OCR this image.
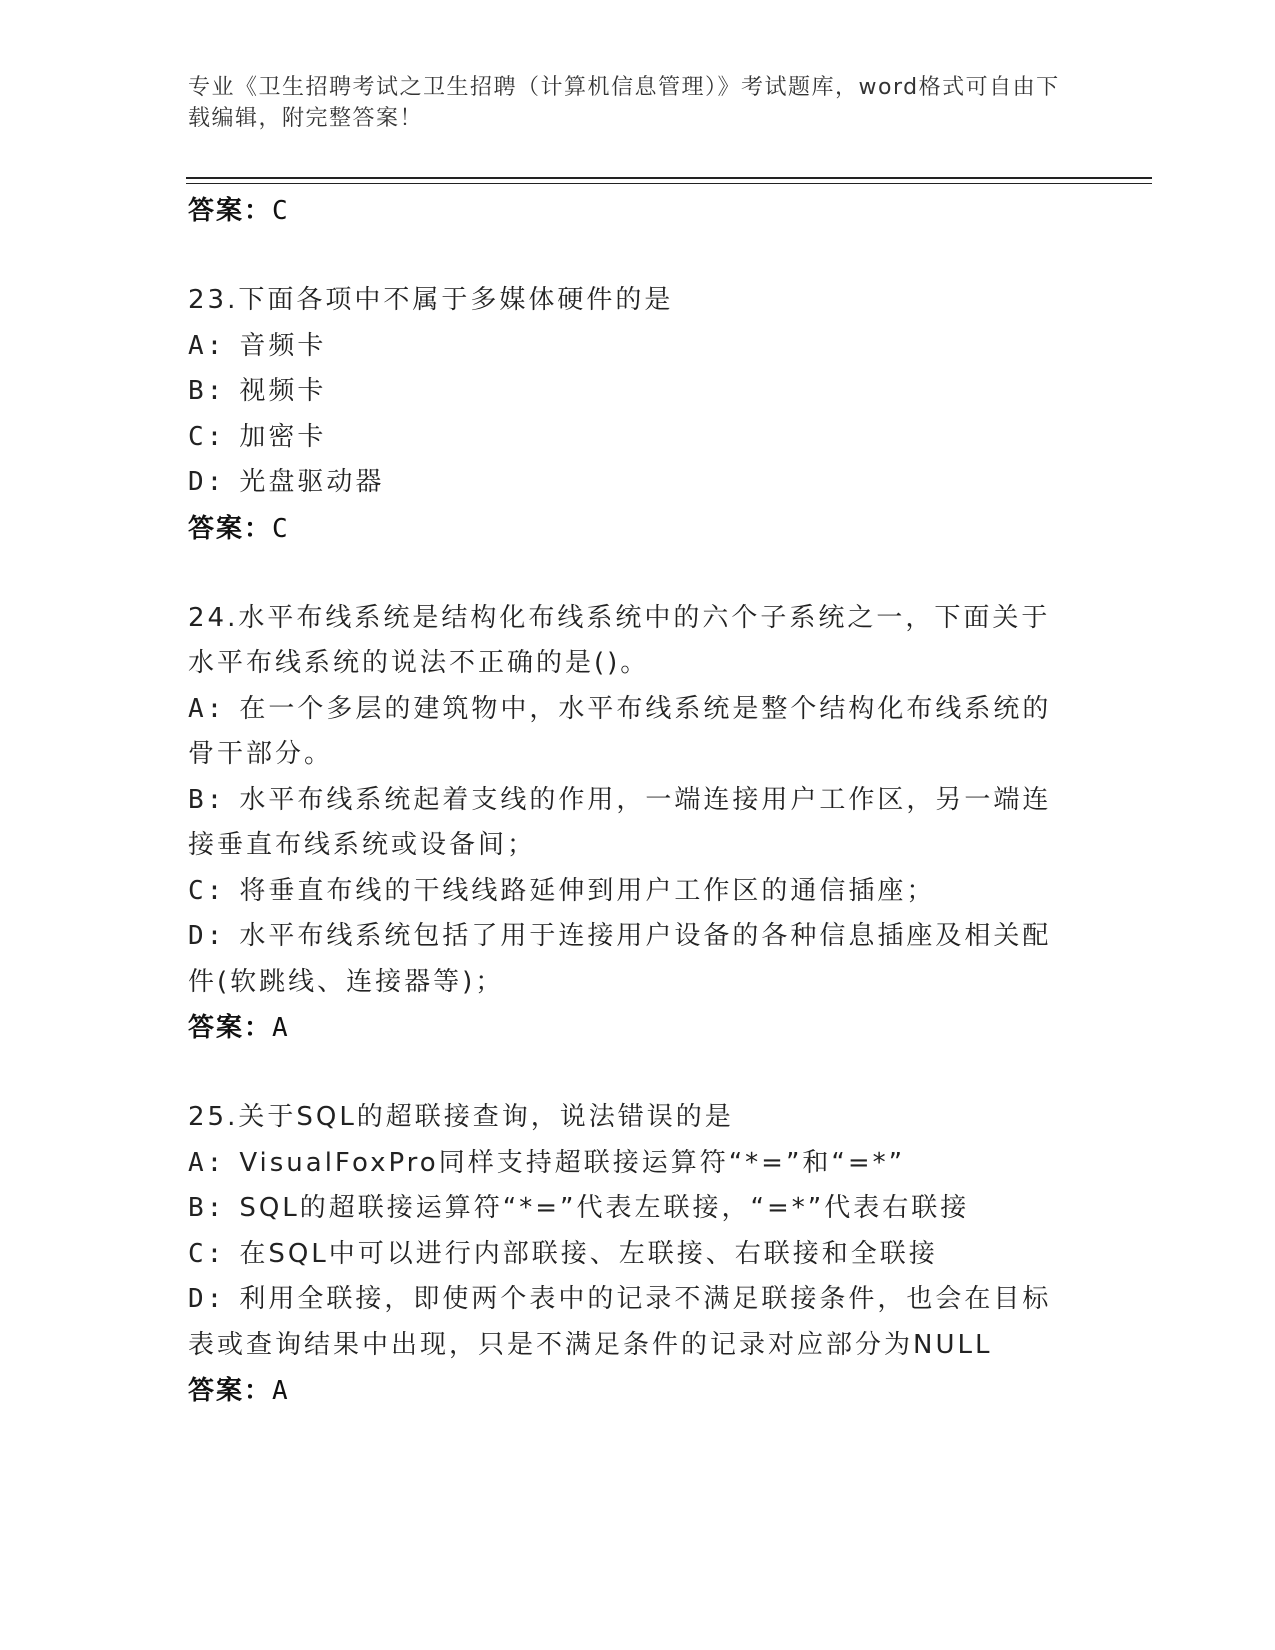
专业《卫生招聘考试之卫生招聘（计算机信息管理）》考试题库，word格式可自由下载编辑，附完整答案！
答案：C
23.下面各项中不属于多媒体硬件的是
A: 音频卡
B: 视频卡
C: 加密卡
D: 光盘驱动器
答案：C
24.水平布线系统是结构化布线系统中的六个子系统之一，下面关于水平布线系统的说法不正确的是()。
A: 在一个多层的建筑物中，水平布线系统是整个结构化布线系统的骨干部分。
B: 水平布线系统起着支线的作用，一端连接用户工作区，另一端连接垂直布线系统或设备间；
C: 将垂直布线的干线线路延伸到用户工作区的通信插座；
D: 水平布线系统包括了用于连接用户设备的各种信息插座及相关配件(软跳线、连接器等)；
答案：A
25.关于SQL的超联接查询，说法错误的是
A: VisualFoxPro同样支持超联接运算符“*=”和“=*”
B: SQL的超联接运算符“*=”代表左联接，“=*”代表右联接
C: 在SQL中可以进行内部联接、左联接、右联接和全联接
D: 利用全联接，即使两个表中的记录不满足联接条件，也会在目标表或查询结果中出现，只是不满足条件的记录对应部分为NULL
答案：A
